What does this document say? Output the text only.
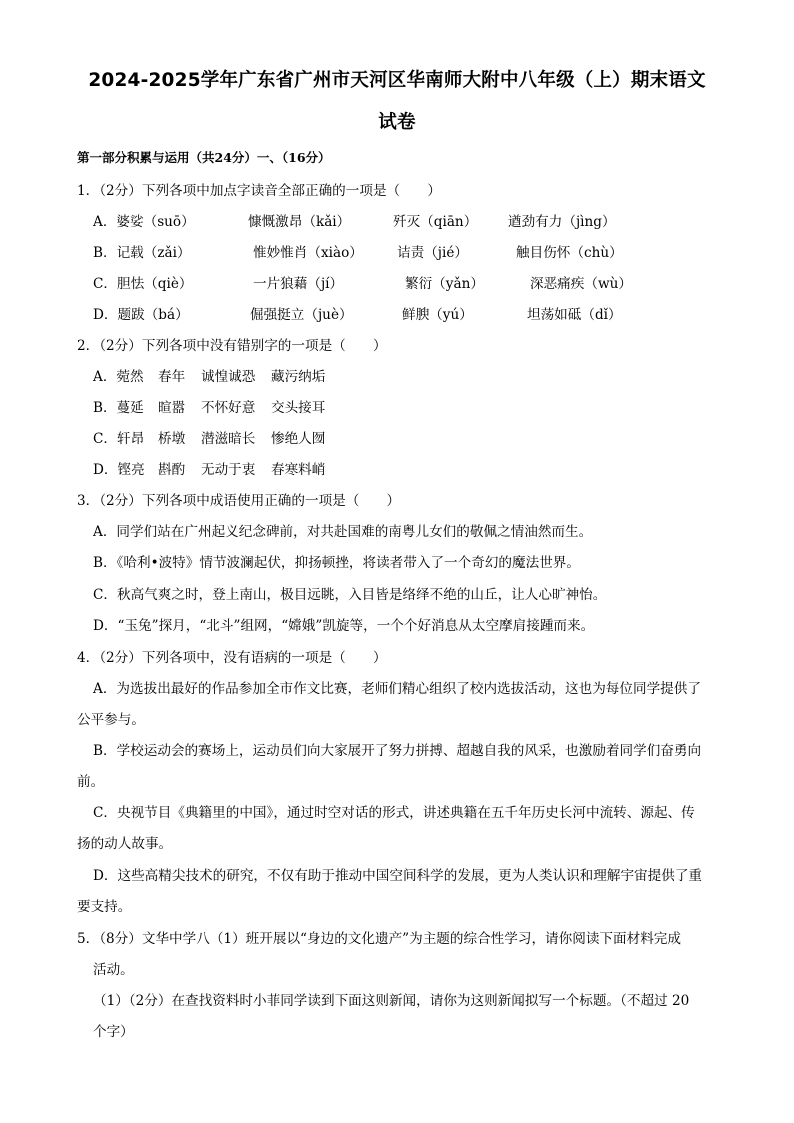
2024-2025学年广东省广州市天河区华南师大附中八年级（上）期末语文
试卷
第一部分积累与运用（共24分）一、（16分）
1．（2分）下列各项中加点字读音全部正确的一项是（　　）
A．婆娑（suō）	慷慨激昂（kǎi）	歼灭（qiān） 遒劲有力（jìng）
B．记载（zǎi）	惟妙惟肖（xiào）	诘责（jié）	触目伤怀（chù）
C．胆怯（qiè）	一片狼藉（jí）	繁衍（yǎn）	深恶痛疾（wù）
D．题跋（bá）	倔强挺立（juè）	鲜腴（yú）	坦荡如砥（dǐ）
2．（2分）下列各项中没有错别字的一项是（　　）
A．菀然 春年 诚惶诚恐 藏污纳垢
B．蔓延 暄嚣 不怀好意 交头接耳
C．轩昂 桥墩 潜滋暗长 惨绝人囫
D．铿亮 斟酌 无动于衷 春寒料峭
3．（2分）下列各项中成语使用正确的一项是（　　）
A．同学们站在广州起义纪念碑前，对共赴国难的南粤儿女们的敬佩之情油然而生。
B．《哈利•波特》情节波澜起伏，抑扬顿挫，将读者带入了一个奇幻的魔法世界。
C．秋高气爽之时，登上南山，极目远眺，入目皆是络绎不绝的山丘，让人心旷神怡。
D．“玉兔”探月，“北斗”组网，“嫦娥”凯旋等，一个个好消息从太空摩肩接踵而来。
4．（2分）下列各项中，没有语病的一项是（　　）
A．为选拔出最好的作品参加全市作文比赛，老师们精心组织了校内选拔活动，这也为每位同学提供了
公平参与。
B．学校运动会的赛场上，运动员们向大家展开了努力拼搏、超越自我的风采，也激励着同学们奋勇向
前。
C．央视节目《典籍里的中国》，通过时空对话的形式，讲述典籍在五千年历史长河中流转、源起、传
扬的动人故事。
D．这些高精尖技术的研究，不仅有助于推动中国空间科学的发展，更为人类认识和理解宇宙提供了重
要支持。
5．（8分）文华中学八（1）班开展以“身边的文化遗产”为主题的综合性学习，请你阅读下面材料完成
活动。
（1）（2分）在查找资料时小菲同学读到下面这则新闻，请你为这则新闻拟写一个标题。（不超过 20
个字）
